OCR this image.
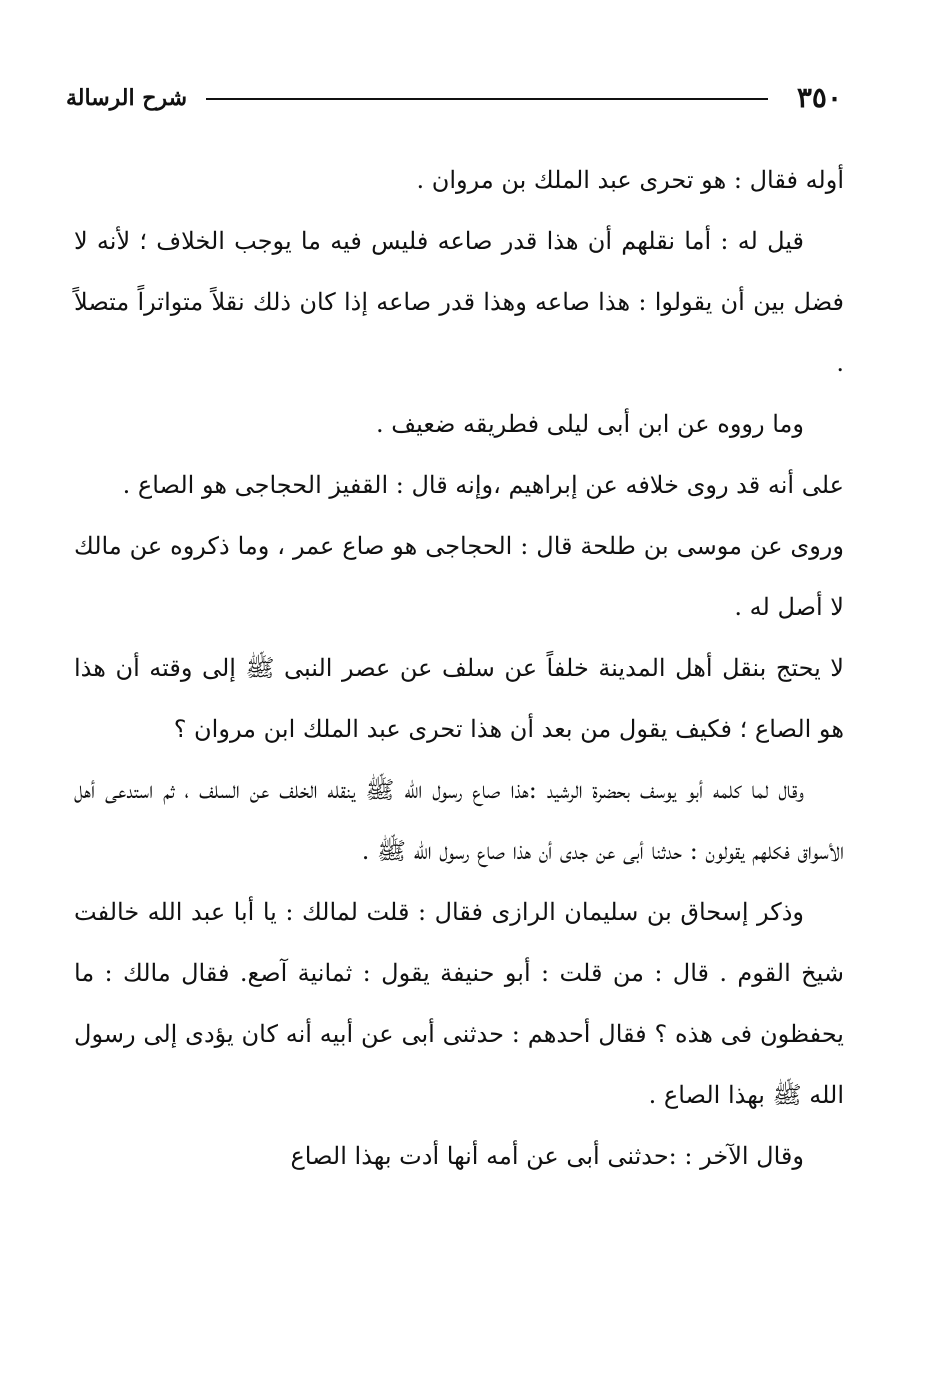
٣٥٠
شرح الرسالة

أوله فقال : هو تحرى عبد الملك بن مروان .

قيل له : أما نقلهم أن هذا قدر صاعه فليس فيه ما يوجب الخلاف ؛ لأنه لا فضل بين أن يقولوا : هذا صاعه وهذا قدر صاعه إذا كان ذلك نقلاً متواتراً متصلاً .

وما رووه عن ابن أبى ليلى فطريقه ضعيف .

على أنه قد روى خلافه عن إبراهيم ،وإنه قال : القفيز الحجاجى هو الصاع .

وروى عن موسى بن طلحة قال : الحجاجى هو صاع عمر ، وما ذكروه عن مالك لا أصل له .

لا يحتج بنقل أهل المدينة خلفاً عن سلف عن عصر النبى ﷺ إلى وقته أن هذا هو الصاع ؛ فكيف يقول من بعد أن هذا تحرى عبد الملك ابن مروان ؟

وقال لما كلمه أبو يوسف بحضرة الرشيد :هذا صاع رسول الله ﷺ ينقله الخلف عن السلف ، ثم استدعى أهل الأسواق فكلهم يقولون : حدثنا أبى عن جدى أن هذا صاع رسول الله ﷺ .

وذكر إسحاق بن سليمان الرازى فقال : قلت لمالك : يا أبا عبد الله خالفت شيخ القوم . قال : من قلت : أبو حنيفة يقول : ثمانية آصع. فقال مالك : ما يحفظون فى هذه ؟ فقال أحدهم : حدثنى أبى عن أبيه أنه كان يؤدى إلى رسول الله ﷺ بهذا الصاع .

وقال الآخر : :حدثنى أبى عن أمه أنها أدت بهذا الصاع
